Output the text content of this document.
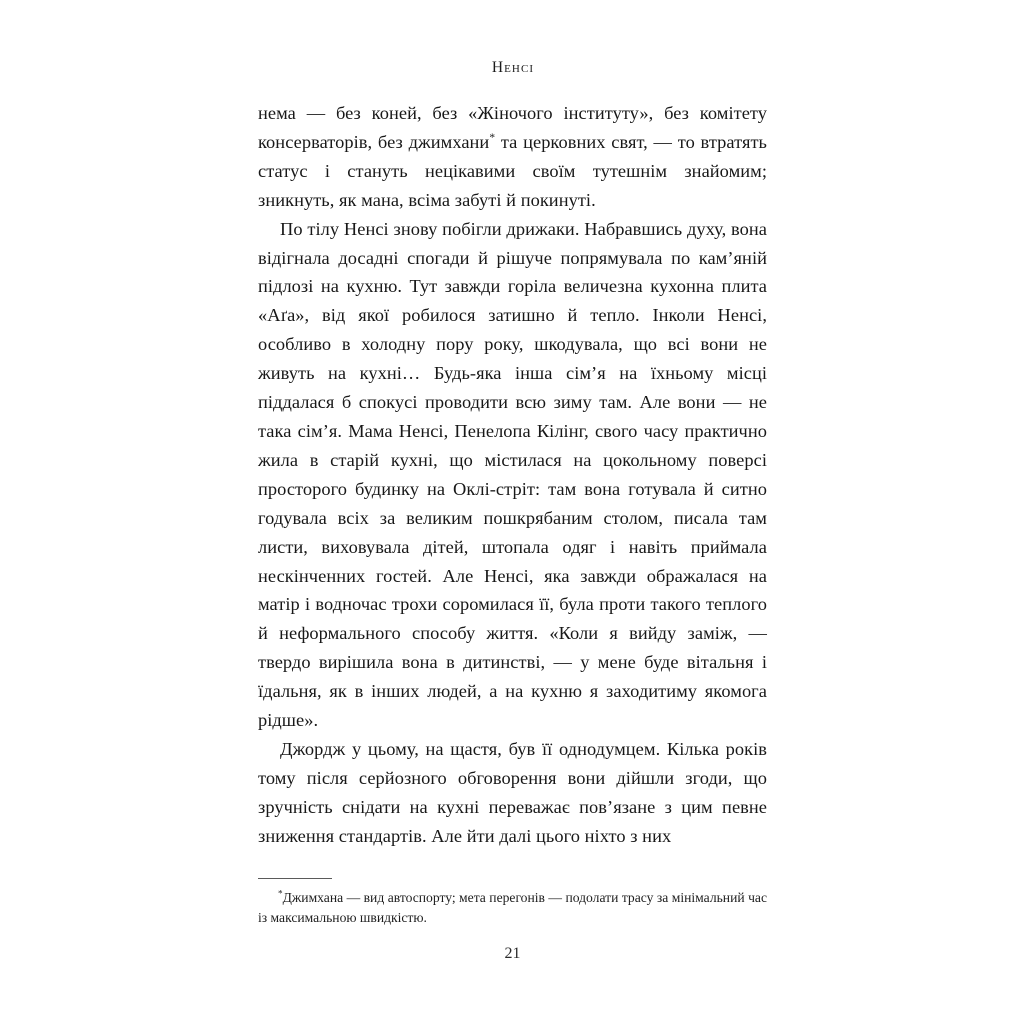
Ненсі

нема — без коней, без «Жіночого інституту», без комітету консерваторів, без джимхани* та церковних свят, — то втратять статус і стануть нецікавими своїм тутешнім знайомим; зникнуть, як мана, всіма забуті й покинуті.

По тілу Ненсі знову побігли дрижаки. Набравшись духу, вона відігнала досадні спогади й рішуче попрямувала по кам’яній підлозі на кухню. Тут завжди горіла величезна кухонна плита «Аґа», від якої робилося затишно й тепло. Інколи Ненсі, особливо в холодну пору року, шкодувала, що всі вони не живуть на кухні… Будь-яка інша сім’я на їхньому місці піддалася б спокусі проводити всю зиму там. Але вони — не така сім’я. Мама Ненсі, Пенелопа Кілінг, свого часу практично жила в старій кухні, що містилася на цокольному поверсі просторого будинку на Оклі-стріт: там вона готувала й ситно годувала всіх за великим пошкрябаним столом, писала там листи, виховувала дітей, штопала одяг і навіть приймала нескінченних гостей. Але Ненсі, яка завжди ображалася на матір і водночас трохи соромилася її, була проти такого теплого й неформального способу життя. «Коли я вийду заміж, — твердо вирішила вона в дитинстві, — у мене буде вітальня і їдальня, як в інших людей, а на кухню я заходитиму якомога рідше».

Джордж у цьому, на щастя, був її однодумцем. Кілька років тому після серйозного обговорення вони дійшли згоди, що зручність снідати на кухні переважає пов’язане з цим певне зниження стандартів. Але йти далі цього ніхто з них

*Джимхана — вид автоспорту; мета перегонів — подолати трасу за мінімальний час із максимальною швидкістю.

21
